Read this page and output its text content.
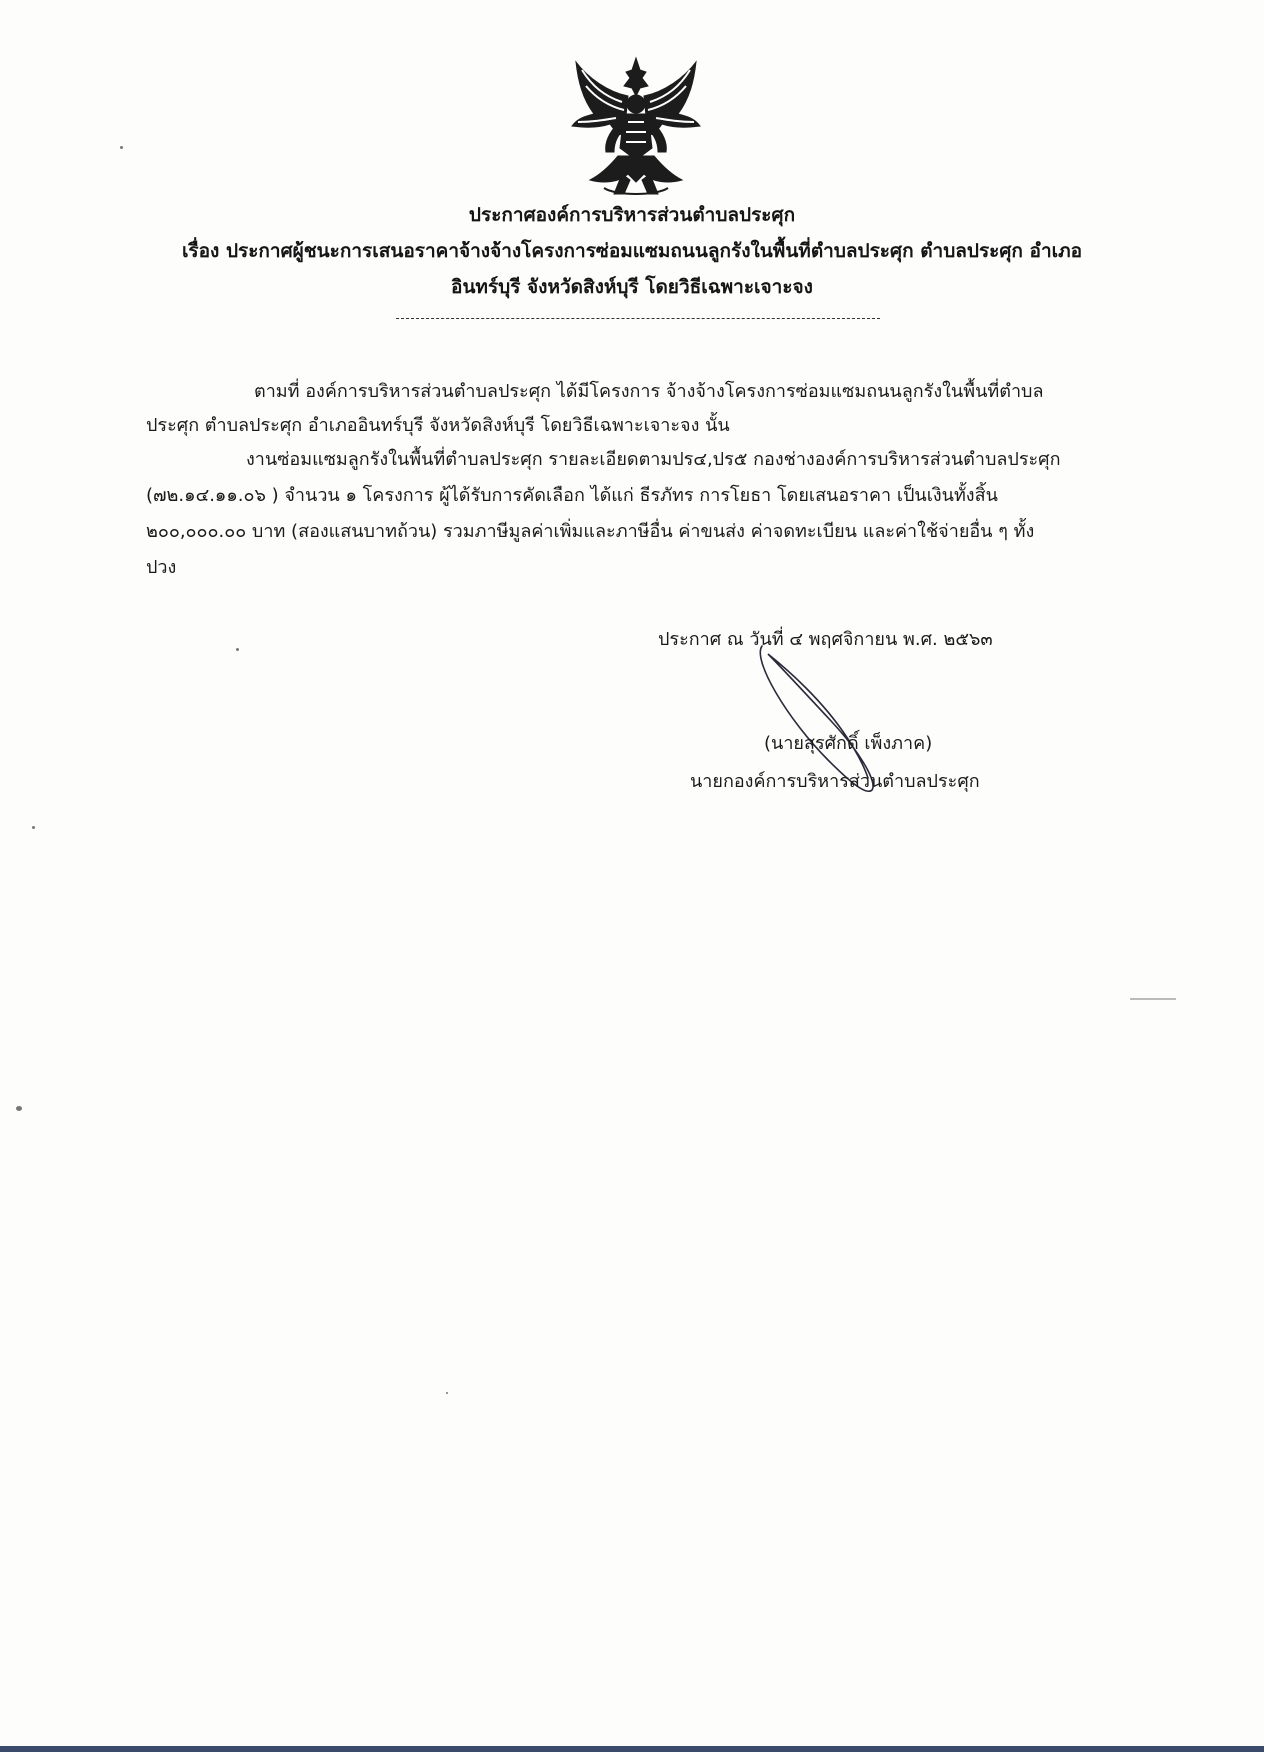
ประกาศองค์การบริหารส่วนตำบลประศุก
เรื่อง ประกาศผู้ชนะการเสนอราคาจ้างจ้างโครงการซ่อมแซมถนนลูกรังในพื้นที่ตำบลประศุก ตำบลประศุก อำเภอ
อินทร์บุรี จังหวัดสิงห์บุรี โดยวิธีเฉพาะเจาะจง
ตามที่ องค์การบริหารส่วนตำบลประศุก ได้มีโครงการ จ้างจ้างโครงการซ่อมแซมถนนลูกรังในพื้นที่ตำบล
ประศุก ตำบลประศุก อำเภออินทร์บุรี จังหวัดสิงห์บุรี โดยวิธีเฉพาะเจาะจง นั้น
งานซ่อมแซมลูกรังในพื้นที่ตำบลประศุก รายละเอียดตามปร๔,ปร๕ กองช่างองค์การบริหารส่วนตำบลประศุก
(๗๒.๑๔.๑๑.๐๖ ) จำนวน ๑ โครงการ ผู้ได้รับการคัดเลือก ได้แก่ ธีรภัทร การโยธา โดยเสนอราคา เป็นเงินทั้งสิ้น
๒๐๐,๐๐๐.๐๐ บาท (สองแสนบาทถ้วน) รวมภาษีมูลค่าเพิ่มและภาษีอื่น ค่าขนส่ง ค่าจดทะเบียน และค่าใช้จ่ายอื่น ๆ ทั้ง
ปวง
ประกาศ ณ วันที่ ๔ พฤศจิกายน พ.ศ. ๒๕๖๓
(นายสุรศักดิ์ เพ็งภาค)
นายกองค์การบริหารส่วนตำบลประศุก
